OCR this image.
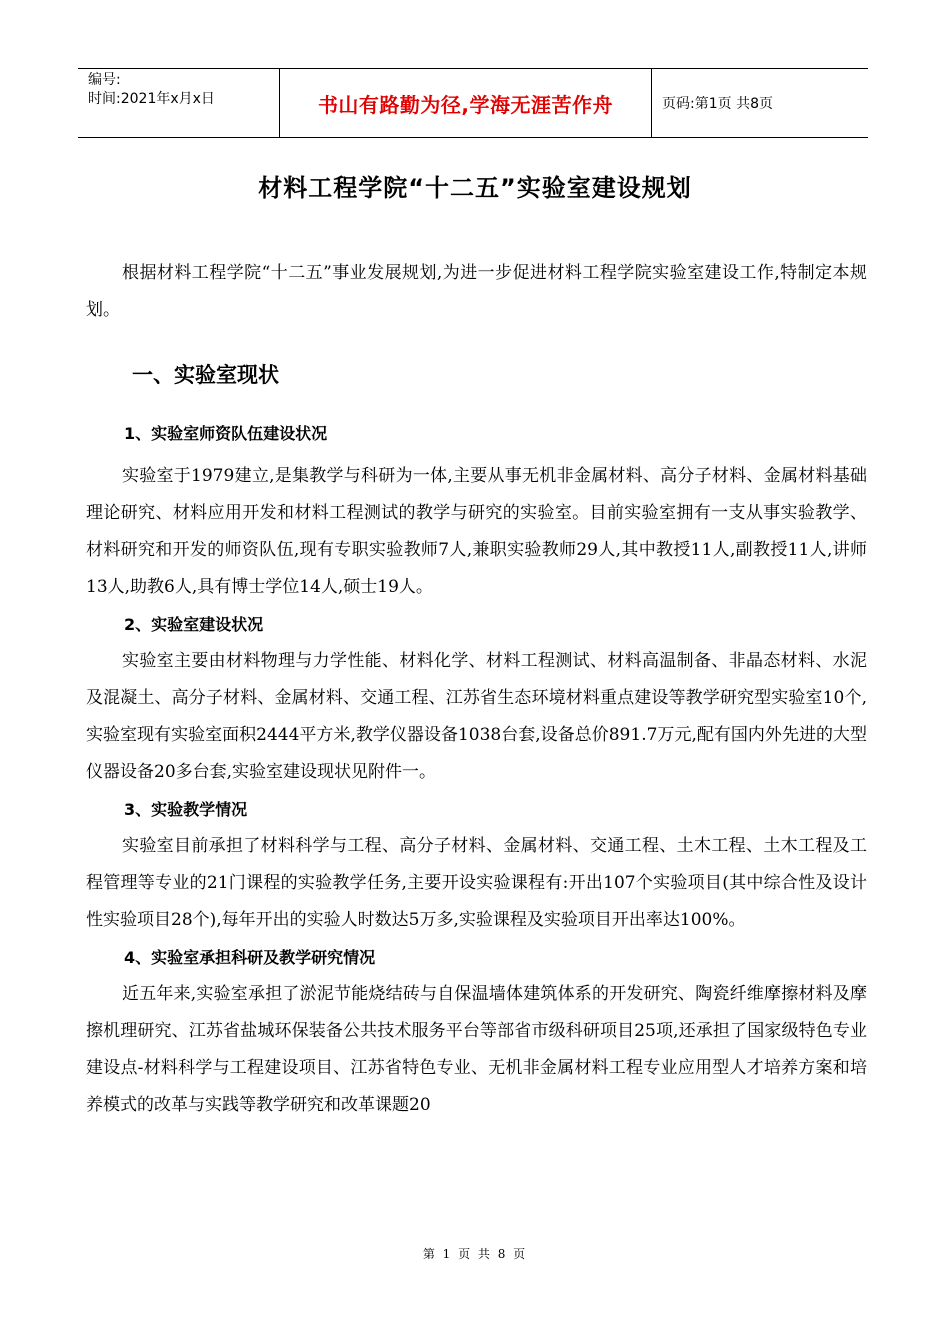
编号:
时间:2021年x月x日	书山有路勤为径,学海无涯苦作舟	页码:第1页 共8页
材料工程学院“十二五”实验室建设规划

根据材料工程学院“十二五”事业发展规划,为进一步促进材料工程学院实验室建设工作,特制定本规划。

一、实验室现状
1、实验室师资队伍建设状况

实验室于1979建立,是集教学与科研为一体,主要从事无机非金属材料、高分子材料、金属材料基础理论研究、材料应用开发和材料工程测试的教学与研究的实验室。目前实验室拥有一支从事实验教学、材料研究和开发的师资队伍,现有专职实验教师7人,兼职实验教师29人,其中教授11人,副教授11人,讲师13人,助教6人,具有博士学位14人,硕士19人。

2、实验室建设状况

实验室主要由材料物理与力学性能、材料化学、材料工程测试、材料高温制备、非晶态材料、水泥及混凝土、高分子材料、金属材料、交通工程、江苏省生态环境材料重点建设等教学研究型实验室10个,实验室现有实验室面积2444平方米,教学仪器设备1038台套,设备总价891.7万元,配有国内外先进的大型仪器设备20多台套,实验室建设现状见附件一。

3、实验教学情况

实验室目前承担了材料科学与工程、高分子材料、金属材料、交通工程、土木工程、土木工程及工程管理等专业的21门课程的实验教学任务,主要开设实验课程有:开出107个实验项目(其中综合性及设计性实验项目28个),每年开出的实验人时数达5万多,实验课程及实验项目开出率达100%。

4、实验室承担科研及教学研究情况

近五年来,实验室承担了淤泥节能烧结砖与自保温墙体建筑体系的开发研究、陶瓷纤维摩擦材料及摩擦机理研究、江苏省盐城环保装备公共技术服务平台等部省市级科研项目25项,还承担了国家级特色专业建设点-材料科学与工程建设项目、江苏省特色专业、无机非金属材料工程专业应用型人才培养方案和培养模式的改革与实践等教学研究和改革课题20

第 1 页 共 8 页
